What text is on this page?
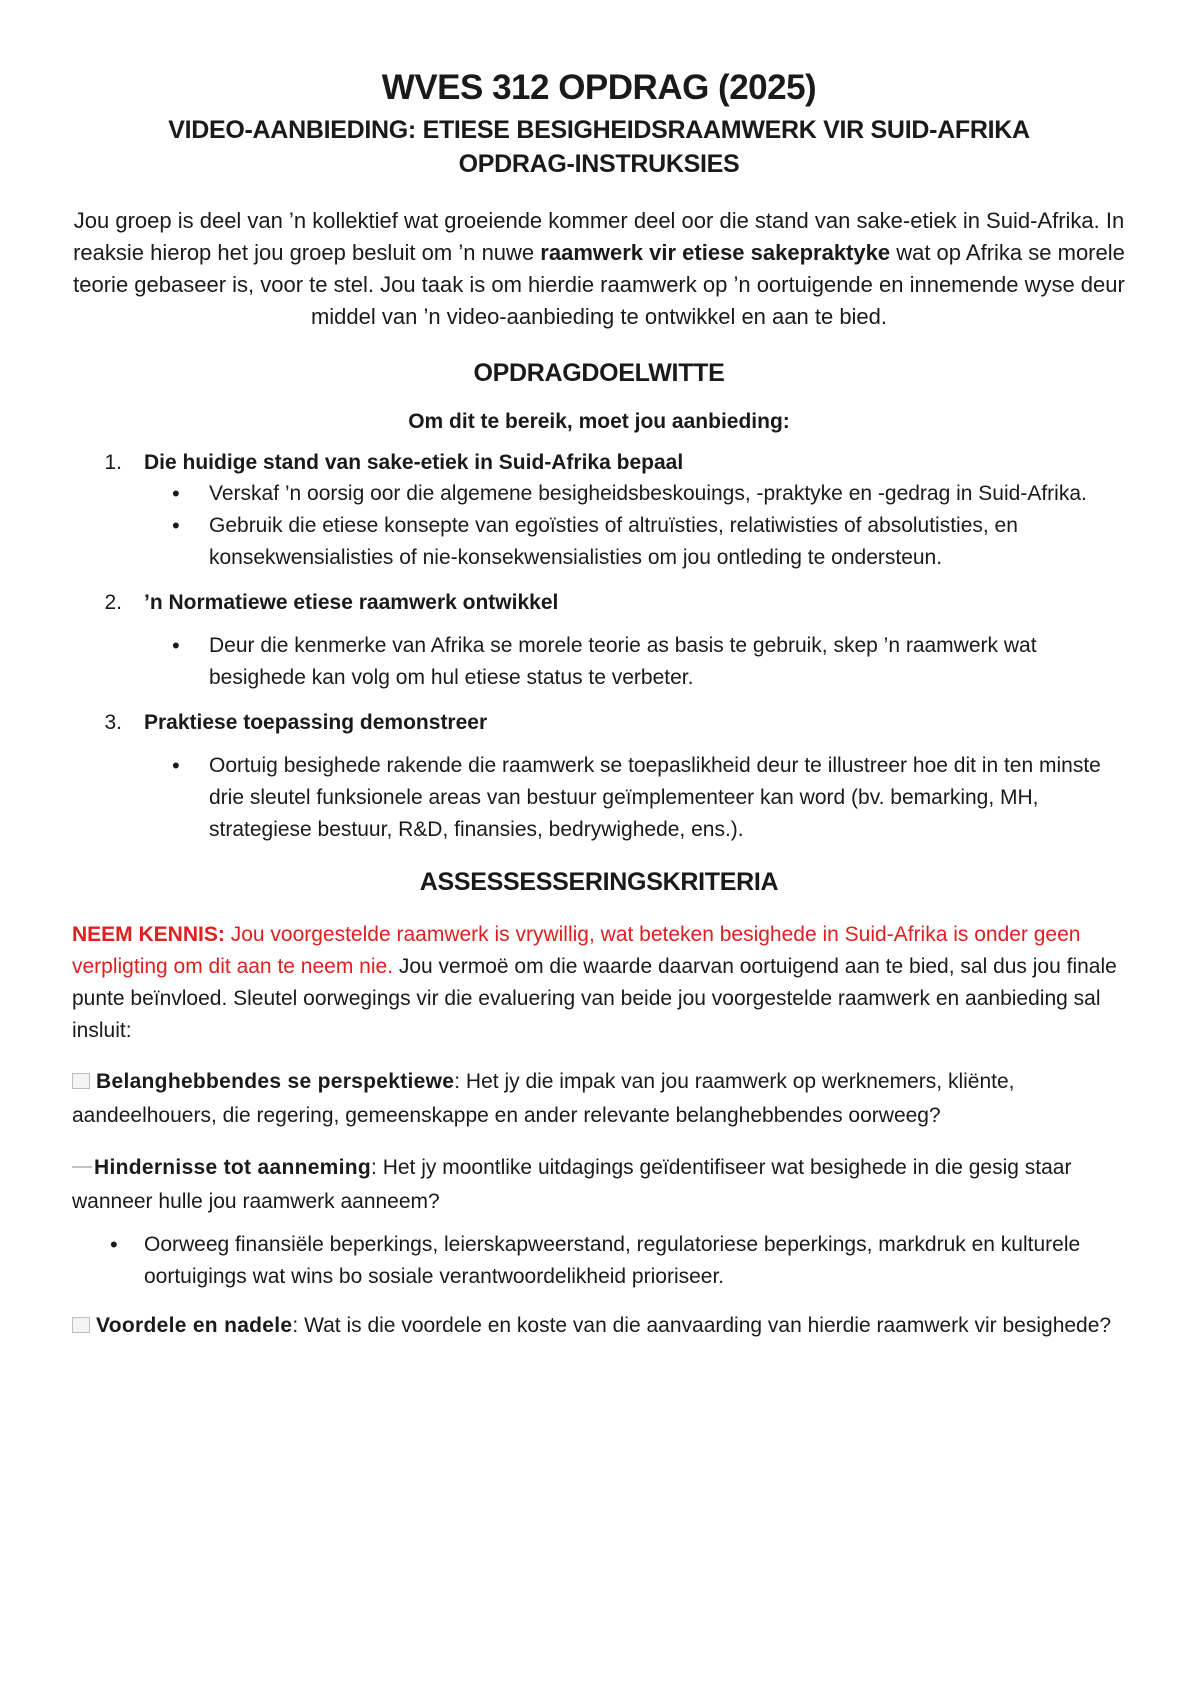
WVES 312 OPDRAG (2025)
VIDEO-AANBIEDING: ETIESE BESIGHEIDSRAAMWERK VIR SUID-AFRIKA
OPDRAG-INSTRUKSIES

Jou groep is deel van ’n kollektief wat groeiende kommer deel oor die stand van sake-etiek in Suid-Afrika. In reaksie hierop het jou groep besluit om ’n nuwe raamwerk vir etiese sakepraktyke wat op Afrika se morele teorie gebaseer is, voor te stel. Jou taak is om hierdie raamwerk op ’n oortuigende en innemende wyse deur middel van ’n video-aanbieding te ontwikkel en aan te bied.

OPDRAGDOELWITTE
Om dit te bereik, moet jou aanbieding:
1.	Die huidige stand van sake-etiek in Suid-Afrika bepaal
• Verskaf ’n oorsig oor die algemene besigheidsbeskouings, -praktyke en -gedrag in Suid-Afrika.
• Gebruik die etiese konsepte van egoïsties of altruïsties, relatiwisties of absolutisties, en konsekwensialisties of nie-konsekwensialisties om jou ontleding te ondersteun.
2.	’n Normatiewe etiese raamwerk ontwikkel
• Deur die kenmerke van Afrika se morele teorie as basis te gebruik, skep ’n raamwerk wat besighede kan volg om hul etiese status te verbeter.
3.	Praktiese toepassing demonstreer
• Oortuig besighede rakende die raamwerk se toepaslikheid deur te illustreer hoe dit in ten minste drie sleutel funksionele areas van bestuur geïmplementeer kan word (bv. bemarking, MH, strategiese bestuur, R&D, finansies, bedrywighede, ens.).
ASSESSESSERINGSKRITERIA

NEEM KENNIS: Jou voorgestelde raamwerk is vrywillig, wat beteken besighede in Suid-Afrika is onder geen verpligting om dit aan te neem nie. Jou vermoë om die waarde daarvan oortuigend aan te bied, sal dus jou finale punte beïnvloed. Sleutel oorwegings vir die evaluering van beide jou voorgestelde raamwerk en aanbieding sal insluit:

Belanghebbendes se perspektiewe: Het jy die impak van jou raamwerk op werknemers, kliënte, aandeelhouers, die regering, gemeenskappe en ander relevante belanghebbendes oorweeg?

Hindernisse tot aanneming: Het jy moontlike uitdagings geïdentifiseer wat besighede in die gesig staar wanneer hulle jou raamwerk aanneem?

• Oorweeg finansiële beperkings, leierskapweerstand, regulatoriese beperkings, markdruk en kulturele oortuigings wat wins bo sosiale verantwoordelikheid prioriseer.

Voordele en nadele: Wat is die voordele en koste van die aanvaarding van hierdie raamwerk vir besighede?
